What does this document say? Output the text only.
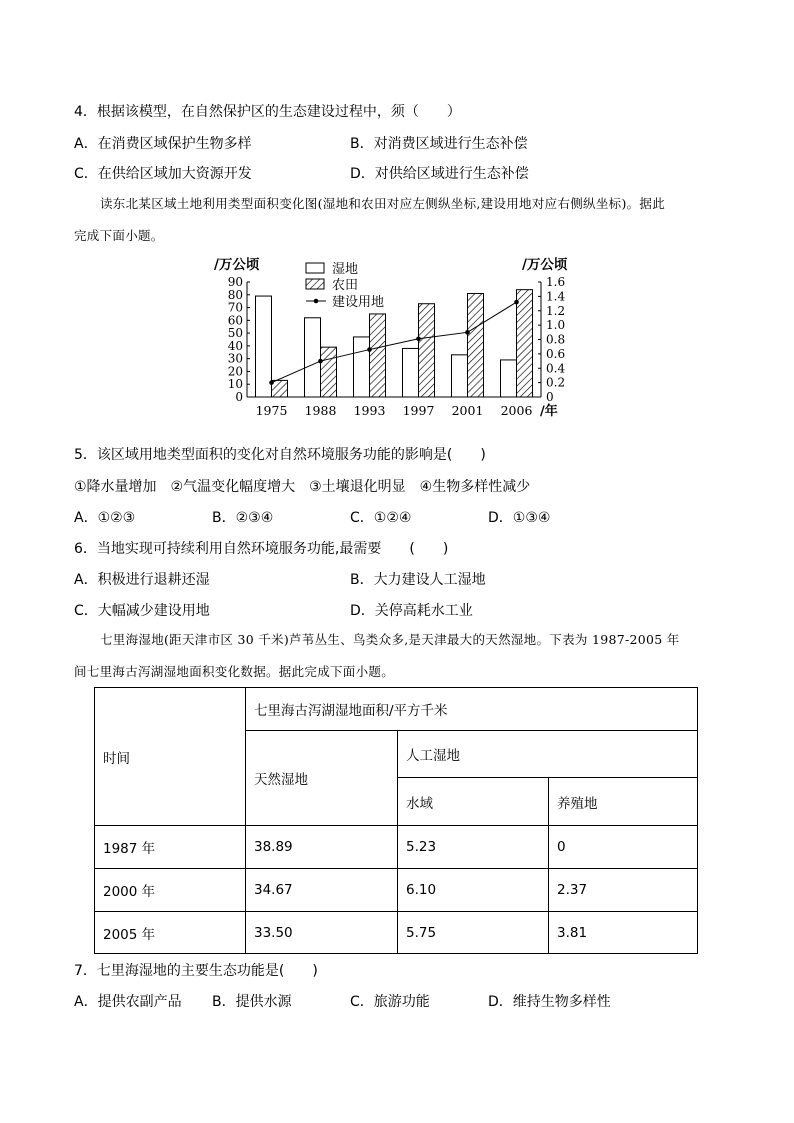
4．根据该模型，在自然保护区的生态建设过程中，须（　　）
A．在消费区域保护生物多样	B．对消费区域进行生态补偿
C．在供给区域加大资源开发	D．对供给区域进行生态补偿
读东北某区域土地利用类型面积变化图(湿地和农田对应左侧纵坐标,建设用地对应右侧纵坐标)。据此
完成下面小题。
0
10
20
30
40
50
60
70
80
90
0
0.2
0.4
0.6
0.8
1.0
1.2
1.4
1.6
1975 1988 1993 1997 2001 2006
湿地
农田
建设用地
/万公顷	/万公顷
/年
5．该区域用地类型面积的变化对自然环境服务功能的影响是(　　)
①降水量增加　②气温变化幅度增大　③土壤退化明显　④生物多样性减少
A．①②③	B．②③④	C．①②④	D．①③④
6．当地实现可持续利用自然环境服务功能,最需要　　(　　)
A．积极进行退耕还湿	B．大力建设人工湿地
C．大幅减少建设用地	D．关停高耗水工业
七里海湿地(距天津市区 30 千米)芦苇丛生、鸟类众多,是天津最大的天然湿地。下表为 1987-2005 年
间七里海古泻湖湿地面积变化数据。据此完成下面小题。
时间	七里海古泻湖湿地面积/平方千米		
	天然湿地	人工湿地	
		水域	养殖地
1987 年	38.89	5.23	0
2000 年	34.67	6.10	2.37
2005 年	33.50	5.75	3.81
7．七里海湿地的主要生态功能是(　　)
A．提供农副产品 B．提供水源	C．旅游功能	D．维持生物多样性
